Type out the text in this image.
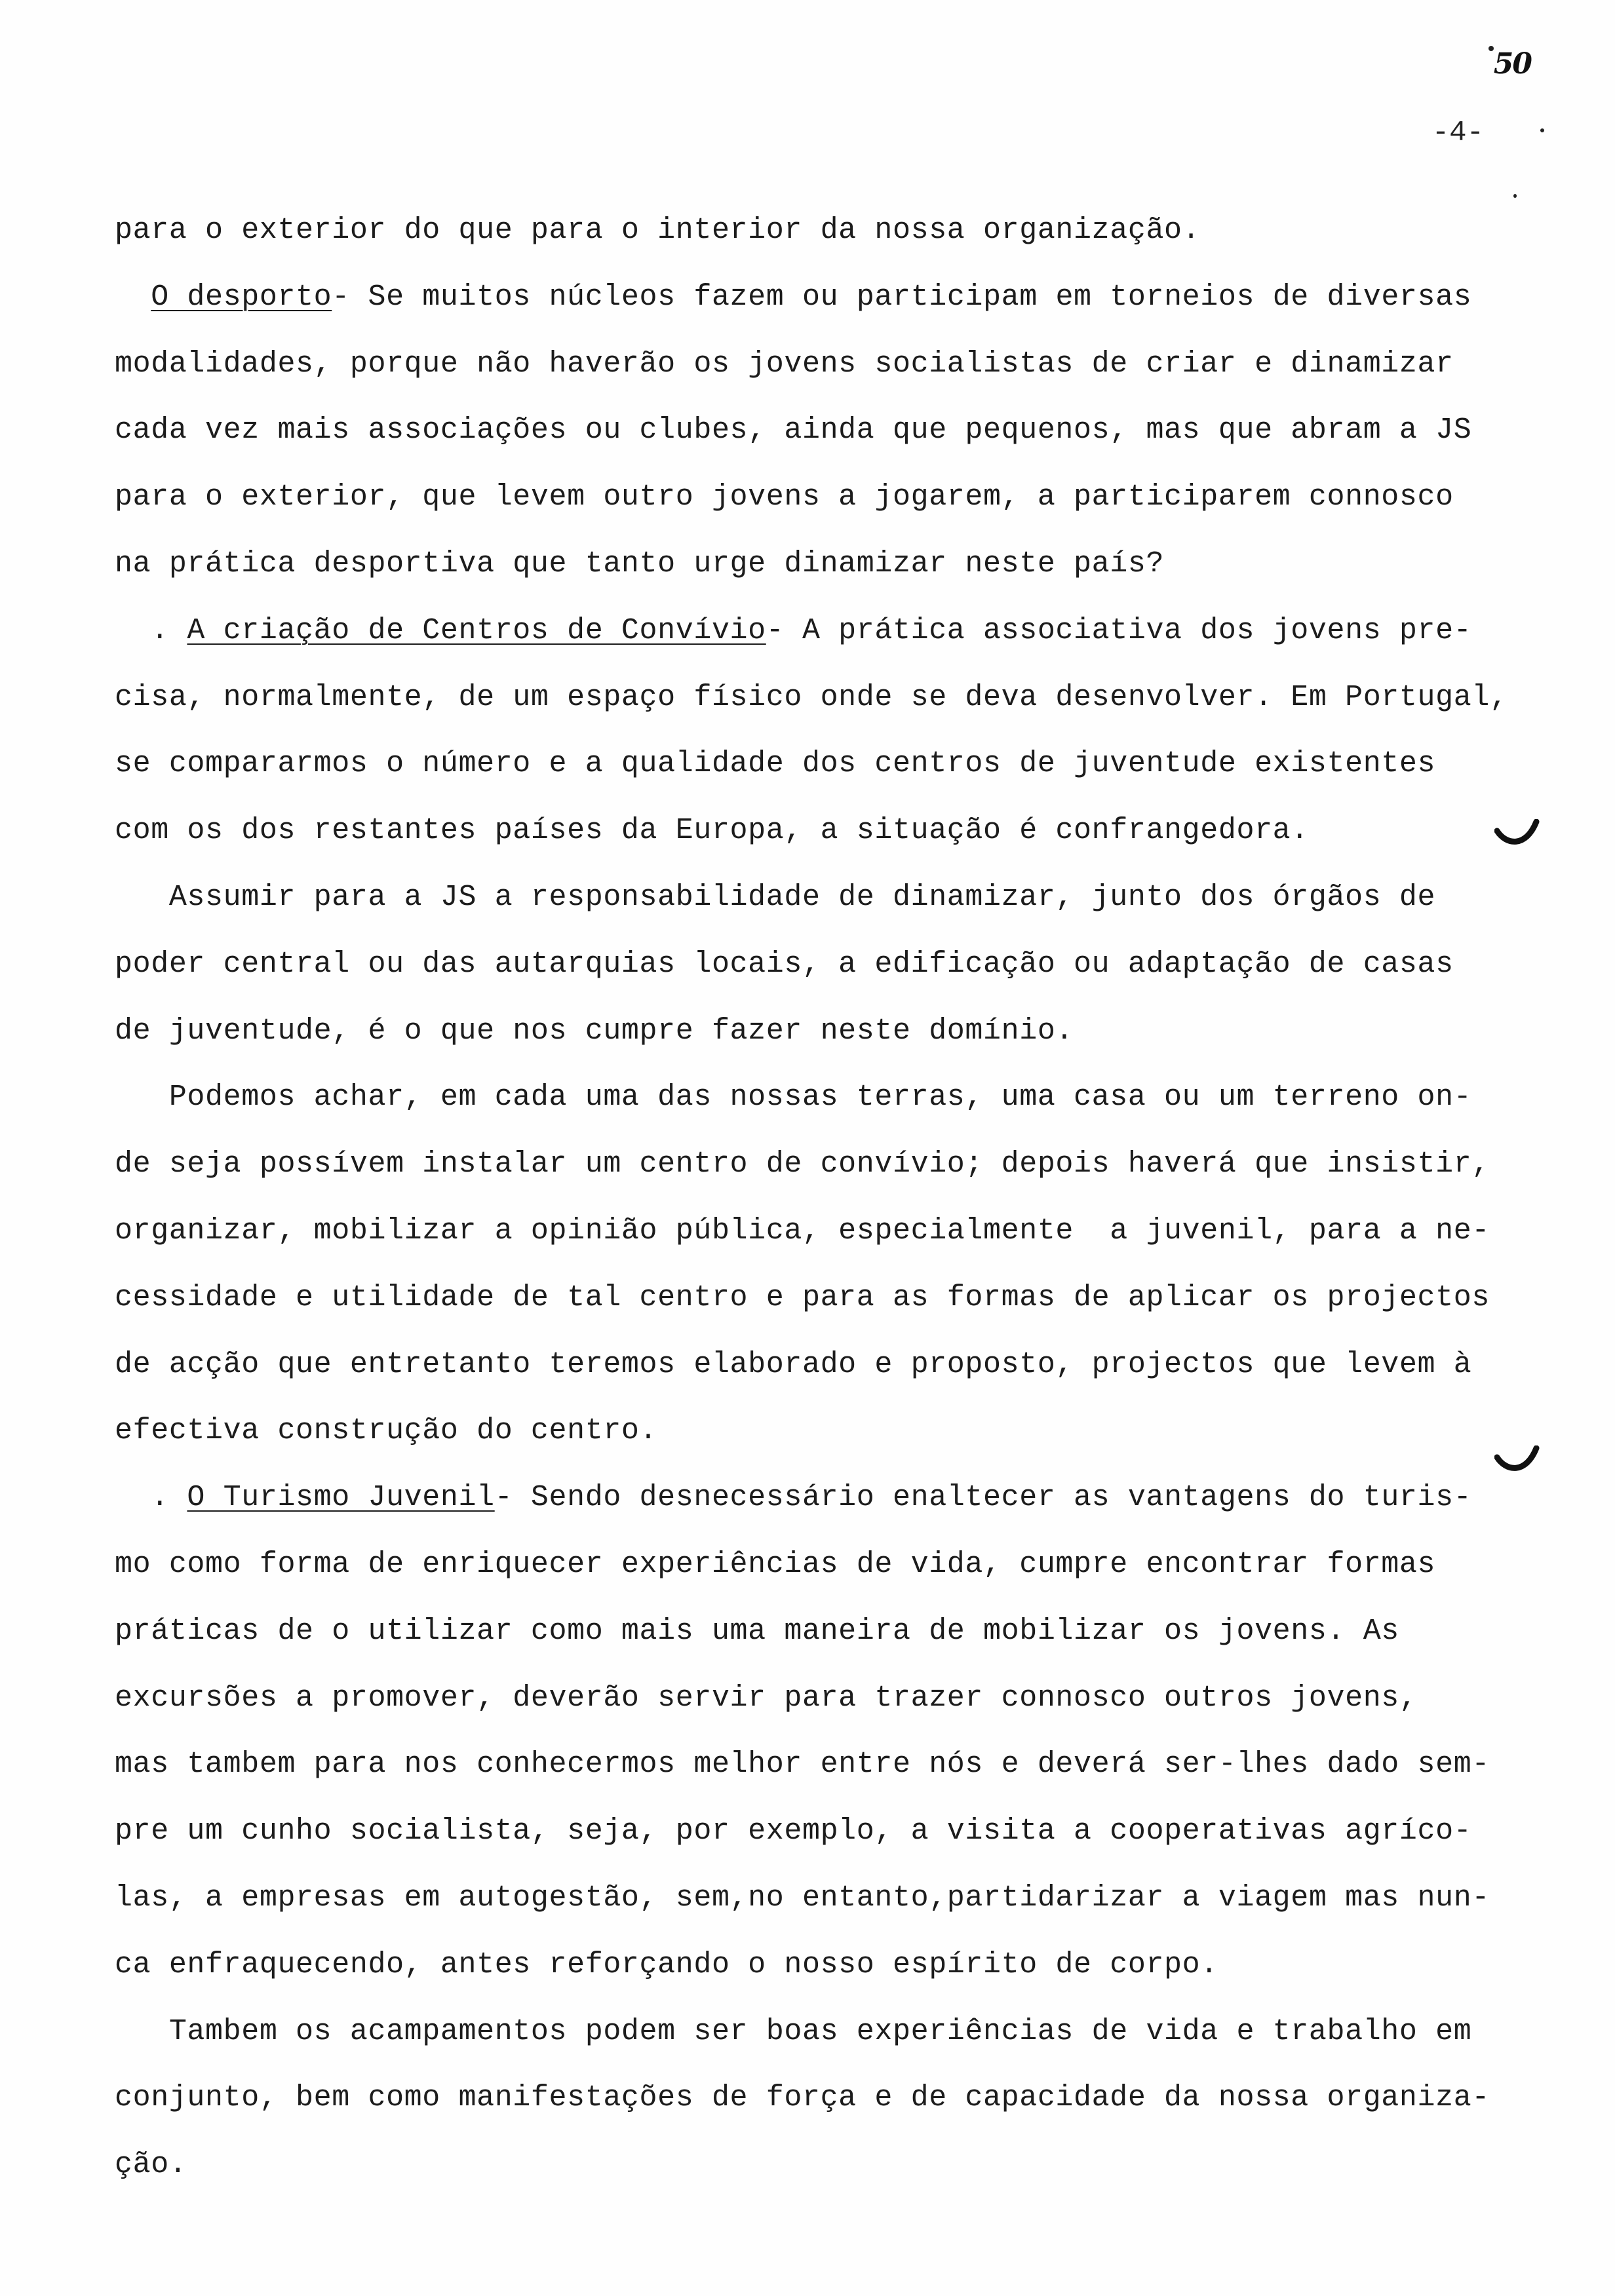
50
-4-
para o exterior do que para o interior da nossa organização.
O desporto- Se muitos núcleos fazem ou participam em torneios de diversas
modalidades, porque não haverão os jovens socialistas de criar e dinamizar
cada vez mais associações ou clubes, ainda que pequenos, mas que abram a JS
para o exterior, que levem outro jovens a jogarem, a participarem connosco
na prática desportiva que tanto urge dinamizar neste país?
. A criação de Centros de Convívio- A prática associativa dos jovens pre-
cisa, normalmente, de um espaço físico onde se deva desenvolver. Em Portugal,
se compararmos o número e a qualidade dos centros de juventude existentes
com os dos restantes países da Europa, a situação é confrangedora.
Assumir para a JS a responsabilidade de dinamizar, junto dos órgãos de
poder central ou das autarquias locais, a edificação ou adaptação de casas
de juventude, é o que nos cumpre fazer neste domínio.
Podemos achar, em cada uma das nossas terras, uma casa ou um terreno on-
de seja possívem instalar um centro de convívio; depois haverá que insistir,
organizar, mobilizar a opinião pública, especialmente  a juvenil, para a ne-
cessidade e utilidade de tal centro e para as formas de aplicar os projectos
de acção que entretanto teremos elaborado e proposto, projectos que levem à
efectiva construção do centro.
. O Turismo Juvenil- Sendo desnecessário enaltecer as vantagens do turis-
mo como forma de enriquecer experiências de vida, cumpre encontrar formas
práticas de o utilizar como mais uma maneira de mobilizar os jovens. As
excursões a promover, deverão servir para trazer connosco outros jovens,
mas tambem para nos conhecermos melhor entre nós e deverá ser-lhes dado sem-
pre um cunho socialista, seja, por exemplo, a visita a cooperativas agríco-
las, a empresas em autogestão, sem,no entanto,partidarizar a viagem mas nun-
ca enfraquecendo, antes reforçando o nosso espírito de corpo.
Tambem os acampamentos podem ser boas experiências de vida e trabalho em
conjunto, bem como manifestações de força e de capacidade da nossa organiza-
ção.
